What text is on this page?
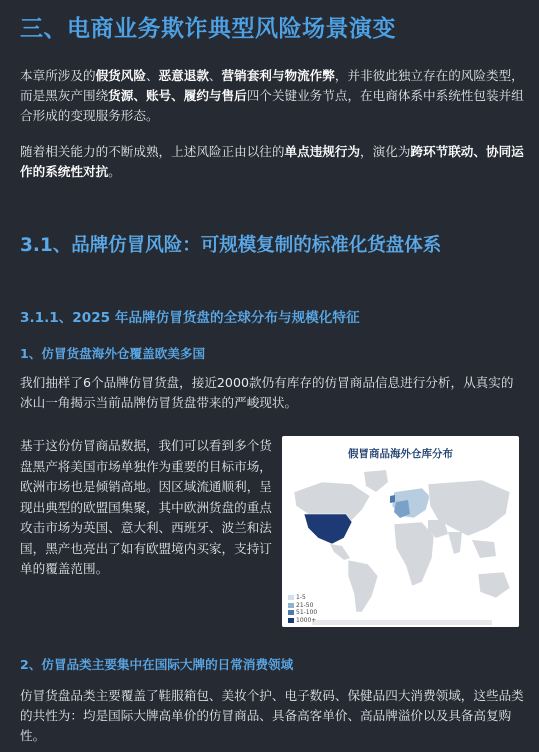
三、电商业务欺诈典型风险场景演变
本章所涉及的假货风险、恶意退款、营销套利与物流作弊，并非彼此独立存在的风险类型，而是黑灰产围绕货源、账号、履约与售后四个关键业务节点，在电商体系中系统性包装并组合形成的变现服务形态。
随着相关能力的不断成熟，上述风险正由以往的单点违规行为，演化为跨环节联动、协同运作的系统性对抗。
3.1、品牌仿冒风险：可规模复制的标准化货盘体系
3.1.1、2025 年品牌仿冒货盘的全球分布与规模化特征
1、仿冒货盘海外仓覆盖欧美多国
我们抽样了6个品牌仿冒货盘，接近2000款仍有库存的仿冒商品信息进行分析，从真实的冰山一角揭示当前品牌仿冒货盘带来的严峻现状。
基于这份仿冒商品数据，我们可以看到多个货盘黑产将美国市场单独作为重要的目标市场，欧洲市场也是倾销高地。因区域流通顺利，呈现出典型的欧盟国集聚，其中欧洲货盘的重点攻击市场为英国、意大利、西班牙、波兰和法国，黑产也亮出了如有欧盟境内买家，支持订单的覆盖范围。
假冒商品海外仓库分布
1-5
21-50
51-100
1000+
2、仿冒品类主要集中在国际大牌的日常消费领域
仿冒货盘品类主要覆盖了鞋服箱包、美妆个护、电子数码、保健品四大消费领域，这些品类的共性为：均是国际大牌高单价的仿冒商品、具备高客单价、高品牌溢价以及具备高复购性。
